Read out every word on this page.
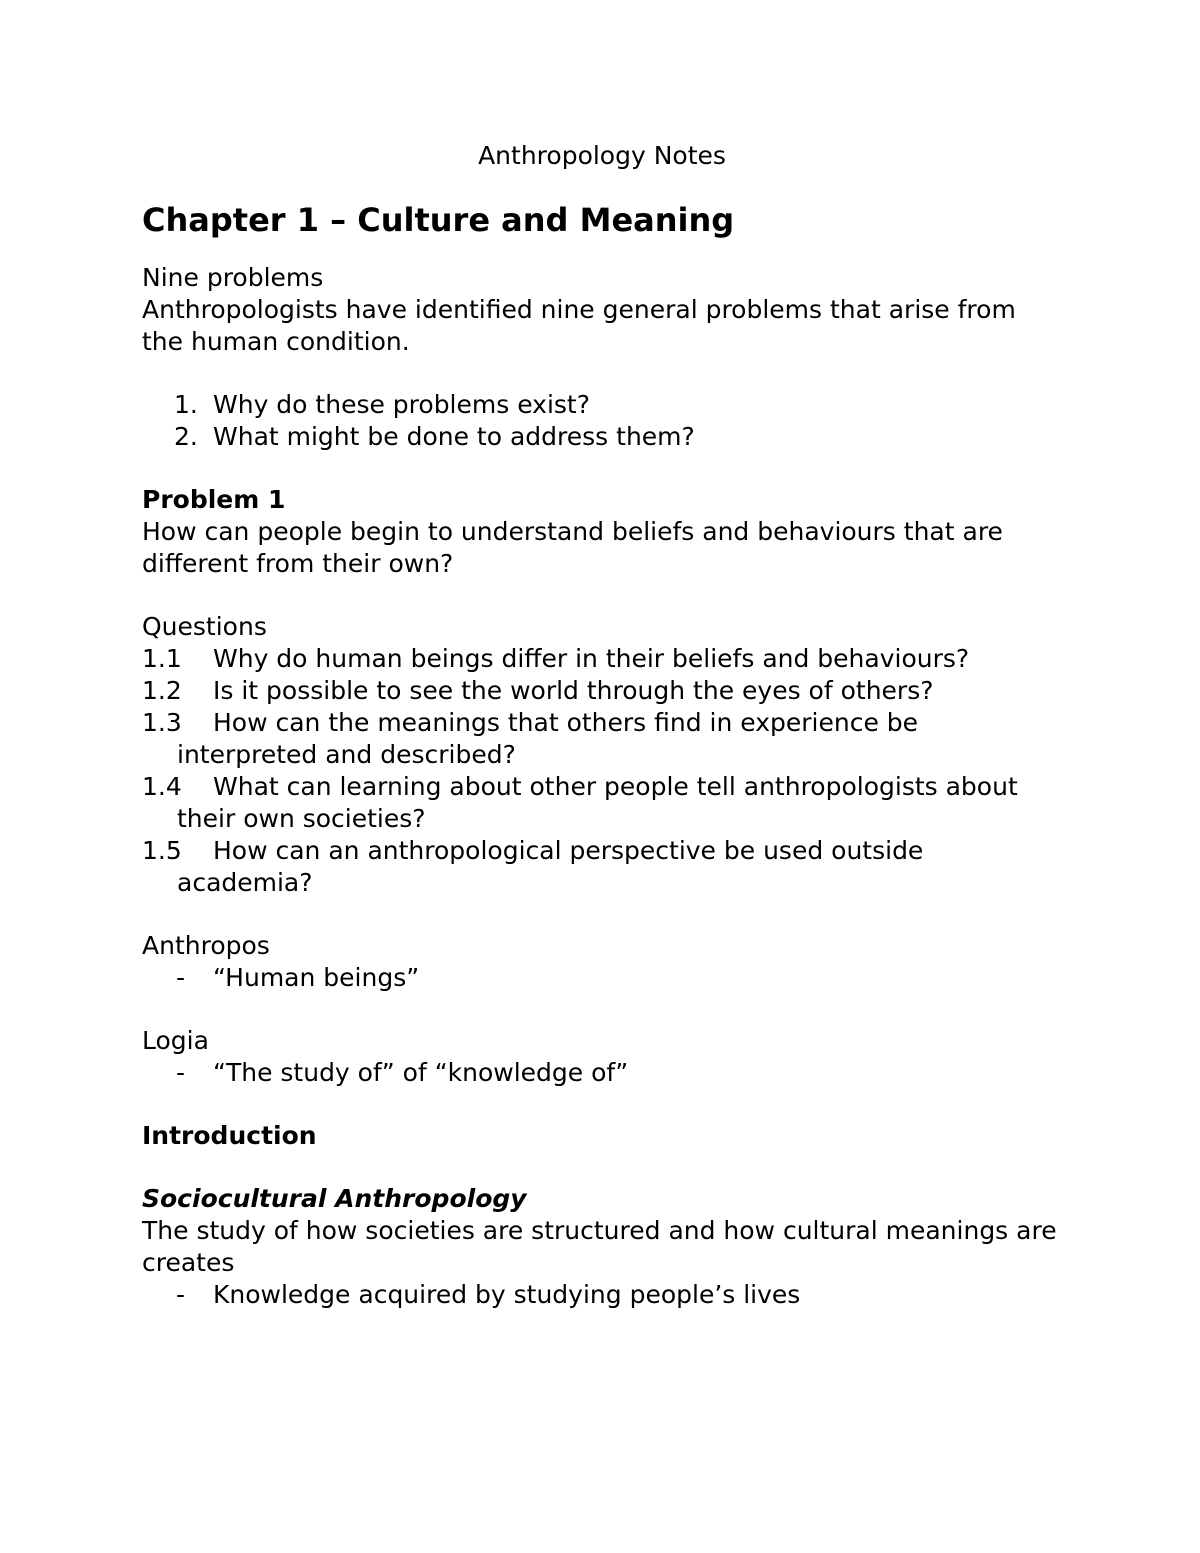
Anthropology Notes

Chapter 1 – Culture and Meaning

Nine problems

Anthropologists have identified nine general problems that arise from the human condition.

1. Why do these problems exist?
2. What might be done to address them?

Problem 1

How can people begin to understand beliefs and behaviours that are different from their own?

Questions

1.1	Why do human beings differ in their beliefs and behaviours?
1.2	Is it possible to see the world through the eyes of others?
1.3	How can the meanings that others find in experience be interpreted and described?
1.4	What can learning about other people tell anthropologists about their own societies?
1.5	How can an anthropological perspective be used outside academia?

Anthropos

- “Human beings”

Logia

- “The study of” of “knowledge of”

Introduction

Sociocultural Anthropology

The study of how societies are structured and how cultural meanings are creates

- Knowledge acquired by studying people’s lives
